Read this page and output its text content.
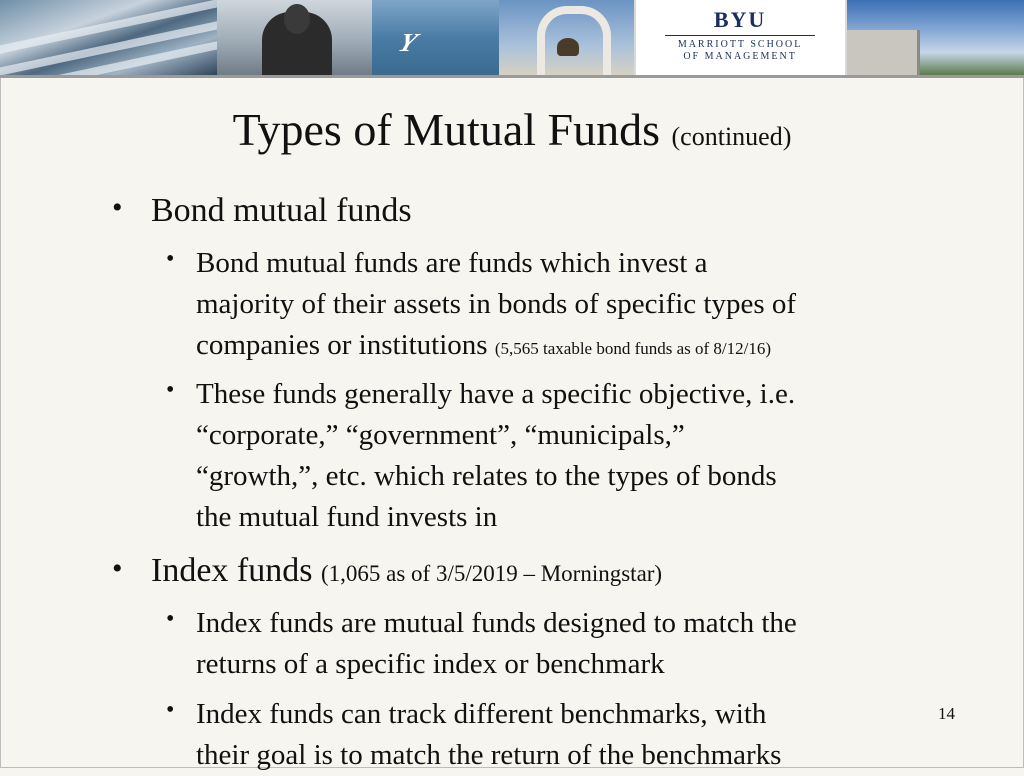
Y
BYU
MARRIOTT SCHOOL
OF MANAGEMENT
Types of Mutual Funds (continued)
• Bond mutual funds
• Bond mutual funds are funds which invest a
majority of their assets in bonds of specific types of
companies or institutions (5,565 taxable bond funds as of 8/12/16)
• These funds generally have a specific objective, i.e.
“corporate,” “government”, “municipals,”
“growth,”, etc. which relates to the types of bonds
the mutual fund invests in
• Index funds (1,065 as of 3/5/2019 – Morningstar)
• Index funds are mutual funds designed to match the
returns of a specific index or benchmark
• Index funds can track different benchmarks, with
their goal is to match the return of the benchmarks
14
